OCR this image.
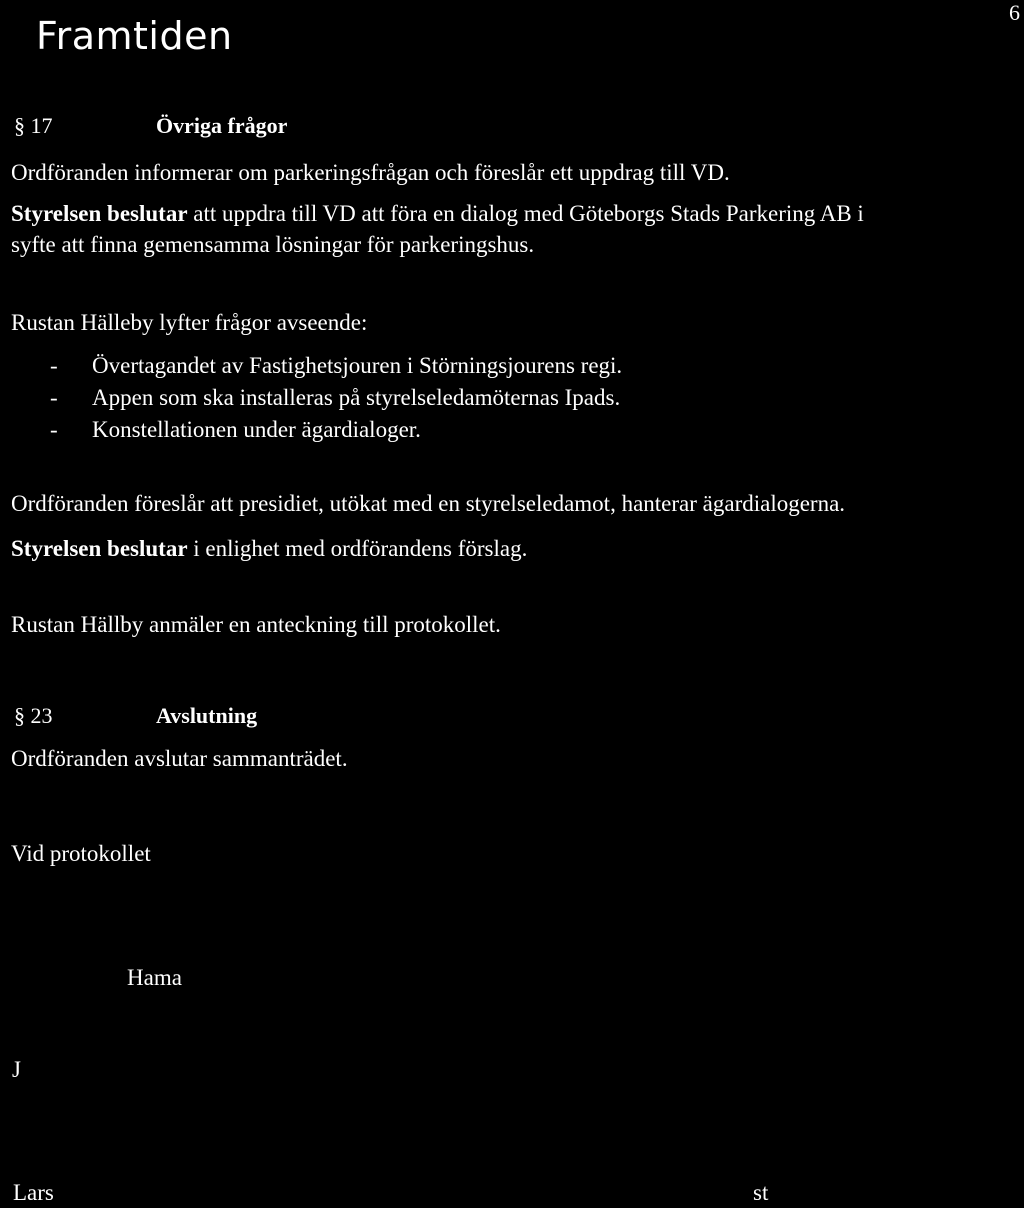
Framtiden
6
§ 17	Övriga frågor
Ordföranden informerar om parkeringsfrågan och föreslår ett uppdrag till VD.
Styrelsen beslutar att uppdra till VD att föra en dialog med Göteborgs Stads Parkering AB i
syfte att finna gemensamma lösningar för parkeringshus.
Rustan Hälleby lyfter frågor avseende:
- Övertagandet av Fastighetsjouren i Störningsjourens regi.
- Appen som ska installeras på styrelseledamöternas Ipads.
- Konstellationen under ägardialoger.
Ordföranden föreslår att presidiet, utökat med en styrelseledamot, hanterar ägardialogerna.
Styrelsen beslutar i enlighet med ordförandens förslag.
Rustan Hällby anmäler en anteckning till protokollet.
§ 23	Avslutning
Ordföranden avslutar sammanträdet.
Vid protokollet
Hama
J
Lars	st
